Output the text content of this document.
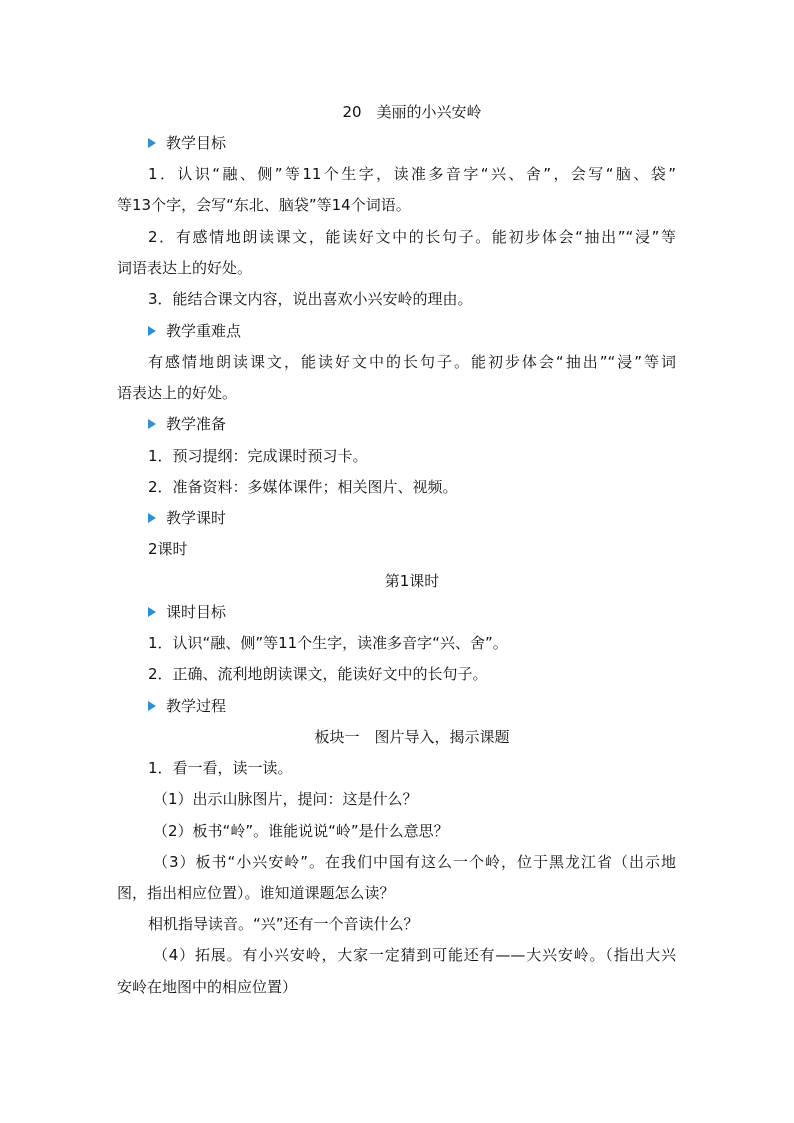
20　美丽的小兴安岭
教学目标
1．认识“融、侧”等11个生字，读准多音字“兴、舍”，会写“脑、袋”
等13个字，会写“东北、脑袋”等14个词语。
2．有感情地朗读课文，能读好文中的长句子。能初步体会“抽出”“浸”等
词语表达上的好处。
3．能结合课文内容，说出喜欢小兴安岭的理由。
教学重难点
有感情地朗读课文，能读好文中的长句子。能初步体会“抽出”“浸”等词
语表达上的好处。
教学准备
1．预习提纲：完成课时预习卡。
2．准备资料：多媒体课件；相关图片、视频。
教学课时
2课时
第1课时
课时目标
1．认识“融、侧”等11个生字，读准多音字“兴、舍”。
2．正确、流利地朗读课文，能读好文中的长句子。
教学过程
板块一　图片导入，揭示课题
1．看一看，读一读。
（1）出示山脉图片，提问：这是什么？
（2）板书“岭”。谁能说说“岭”是什么意思？
（3）板书“小兴安岭”。在我们中国有这么一个岭，位于黑龙江省（出示地
图，指出相应位置）。谁知道课题怎么读？
相机指导读音。“兴”还有一个音读什么？
（4）拓展。有小兴安岭，大家一定猜到可能还有——大兴安岭。（指出大兴
安岭在地图中的相应位置）
